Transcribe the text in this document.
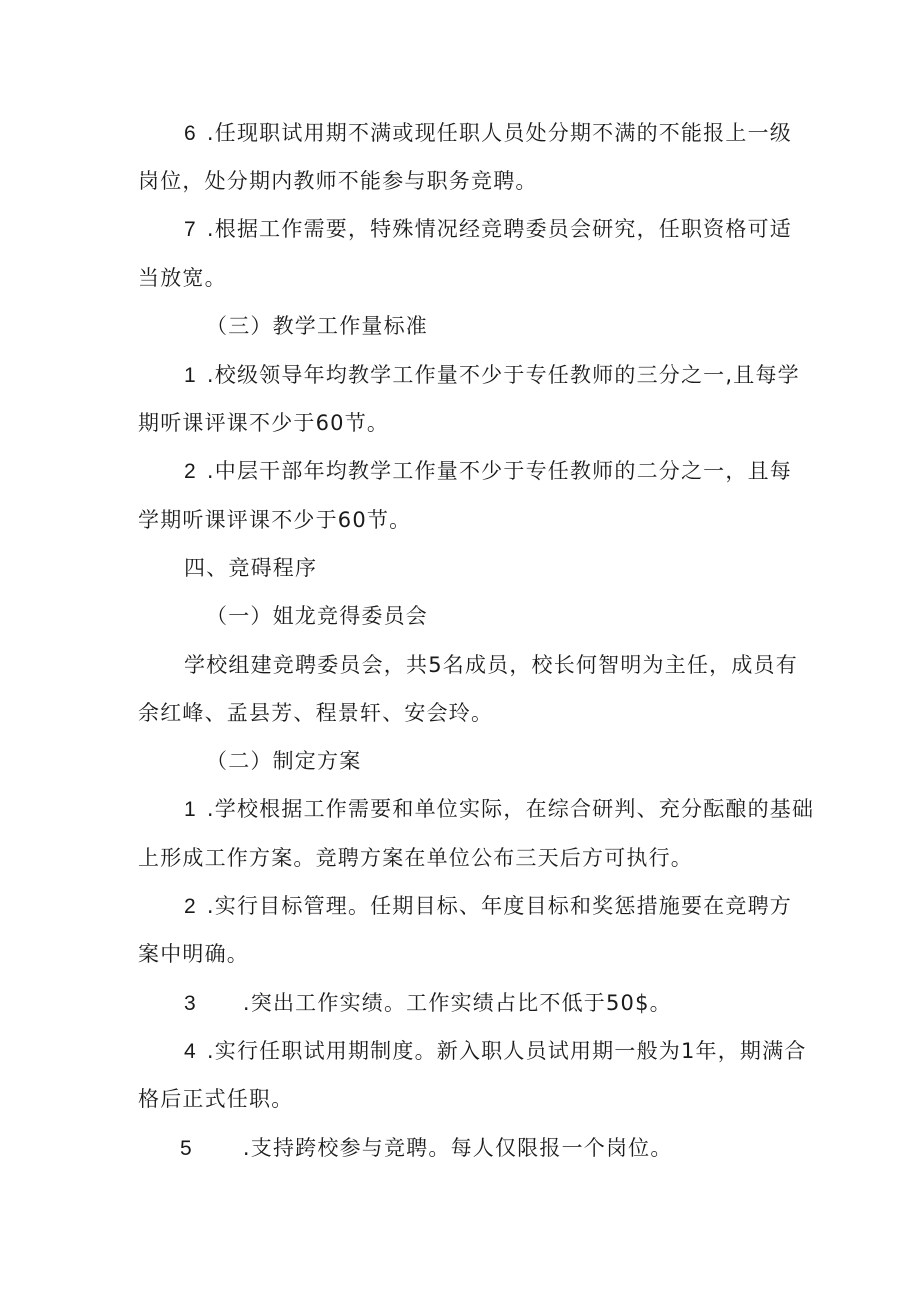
6 .任现职试用期不满或现任职人员处分期不满的不能报上一级
岗位，处分期内教师不能参与职务竞聘。
7 .根据工作需要，特殊情况经竞聘委员会研究，任职资格可适
当放宽。
（三）教学工作量标准
1 .校级领导年均教学工作量不少于专任教师的三分之一,且每学
期听课评课不少于60节。
2 .中层干部年均教学工作量不少于专任教师的二分之一，且每
学期听课评课不少于60节。
四、竞碍程序
（一）姐龙竞得委员会
学校组建竞聘委员会，共5名成员，校长何智明为主任，成员有
余红峰、孟县芳、程景轩、安会玲。
（二）制定方案
1 .学校根据工作需要和单位实际，在综合研判、充分酝酿的基础
上形成工作方案。竞聘方案在单位公布三天后方可执行。
2 .实行目标管理。任期目标、年度目标和奖惩措施要在竞聘方
案中明确。
3 .突出工作实绩。工作实绩占比不低于50$。
4 .实行任职试用期制度。新入职人员试用期一般为1年，期满合
格后正式任职。
5 .支持跨校参与竞聘。每人仅限报一个岗位。
